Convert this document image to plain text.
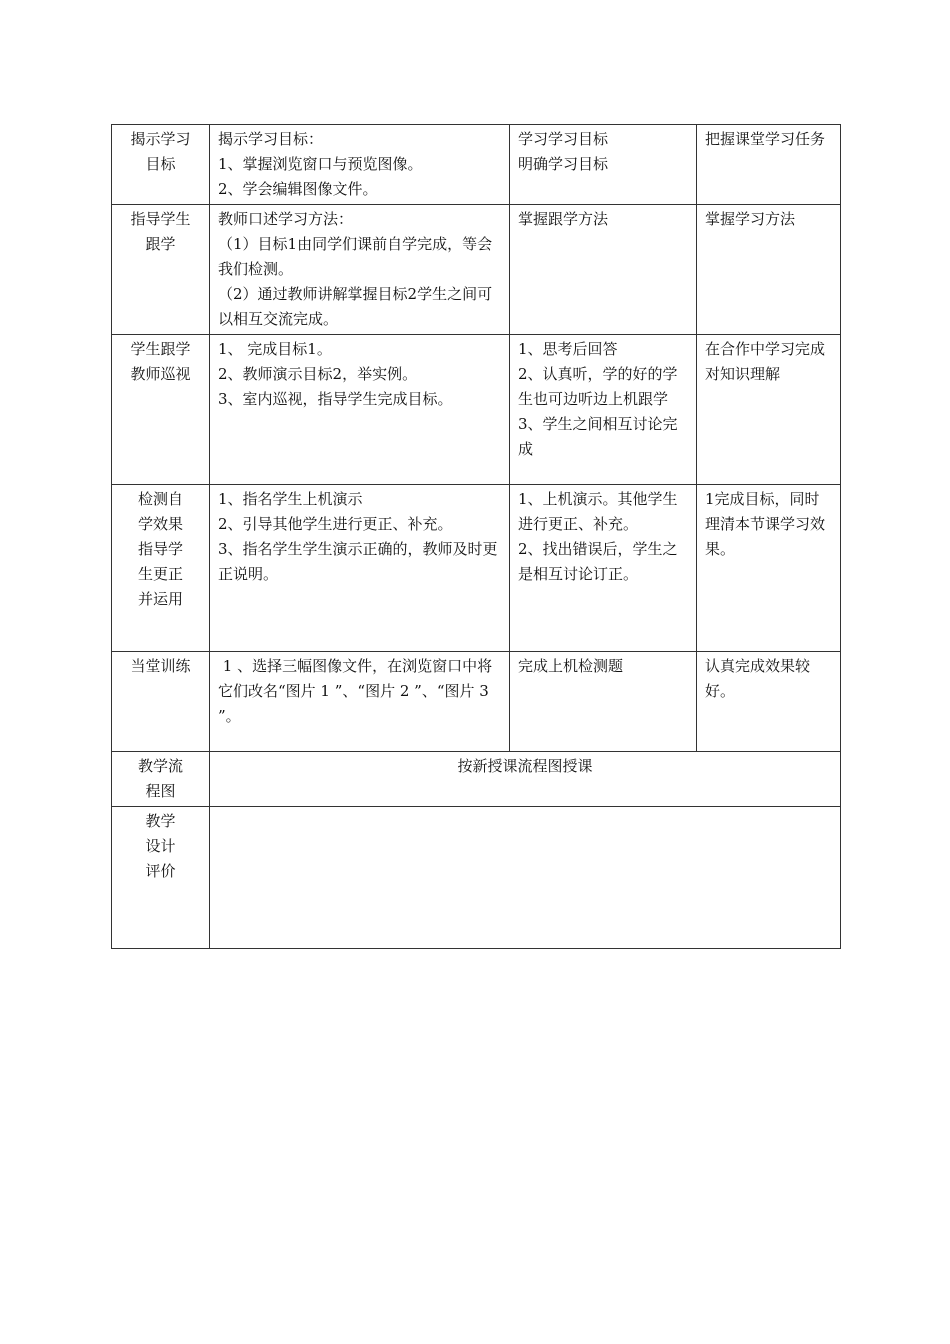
揭示学习
目标	揭示学习目标：
1、掌握浏览窗口与预览图像。
2、学会编辑图像文件。	学习学习目标
明确学习目标	把握课堂学习任务

指导学生
跟学	教师口述学习方法：
（1）目标1由同学们课前自学完成，等会我们检测。
（2）通过教师讲解掌握目标2学生之间可以相互交流完成。	掌握跟学方法	掌握学习方法

学生跟学
教师巡视	1、 完成目标1。
2、教师演示目标2，举实例。
3、室内巡视，指导学生完成目标。	1、思考后回答
2、认真听，学的好的学生也可边听边上机跟学
3、学生之间相互讨论完成	在合作中学习完成对知识理解

检测自
学效果
指导学
生更正
并运用	1、指名学生上机演示
2、引导其他学生进行更正、补充。
3、指名学生学生演示正确的，教师及时更正说明。	1、上机演示。其他学生进行更正、补充。
2、找出错误后，学生之是相互讨论订正。	1完成目标，同时理清本节课学习效果。

当堂训练	1 、选择三幅图像文件，在浏览窗口中将它们改名“图片 1 ”、“图片 2 ”、“图片 3 ”。	完成上机检测题	认真完成效果较好。

教学流
程图	按新授课流程图授课		

教学
设计
评价			
